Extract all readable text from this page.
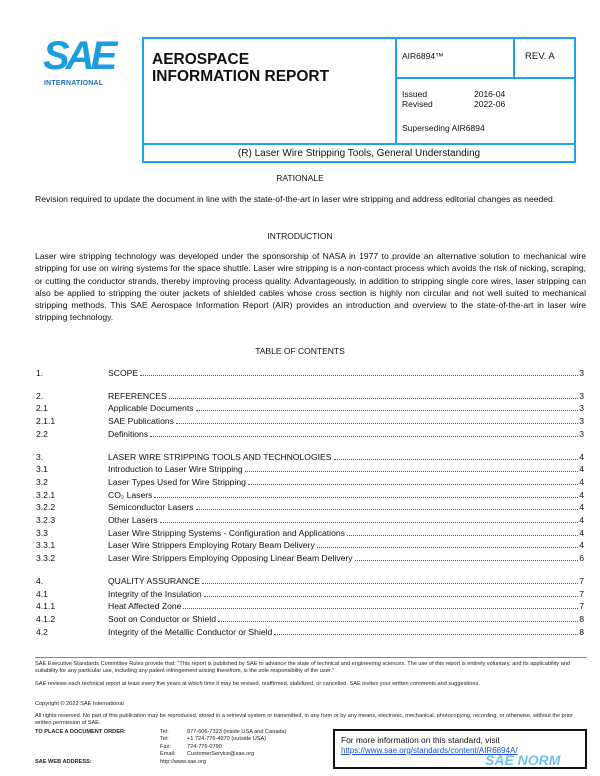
SAE
INTERNATIONAL
AEROSPACE
INFORMATION REPORT
AIR6894™	REV. A
Issued	2016-04
Revised	2022-06
Superseding AIR6894
(R) Laser Wire Stripping Tools, General Understanding
RATIONALE
Revision required to update the document in line with the state-of-the-art in laser wire stripping and address editorial changes as needed.
INTRODUCTION
Laser wire stripping technology was developed under the sponsorship of NASA in 1977 to provide an alternative solution to mechanical wire stripping for use on wiring systems for the space shuttle. Laser wire stripping is a non-contact process which avoids the risk of nicking, scraping, or cutting the conductor strands, thereby improving process quality. Advantageously, in addition to stripping single core wires, laser stripping can also be applied to stripping the outer jackets of shielded cables whose cross section is highly non circular and not well suited to mechanical stripping methods. This SAE Aerospace Information Report (AIR) provides an introduction and overview to the state-of-the-art in laser wire stripping technology.
TABLE OF CONTENTS
1.	SCOPE	3
2.	REFERENCES	3
2.1	Applicable Documents	3
2.1.1	SAE Publications	3
2.2	Definitions	3
3.	LASER WIRE STRIPPING TOOLS AND TECHNOLOGIES	4
3.1	Introduction to Laser Wire Stripping	4
3.2	Laser Types Used for Wire Stripping	4
3.2.1	CO₂ Lasers	4
3.2.2	Semiconductor Lasers	4
3.2.3	Other Lasers	4
3.3	Laser Wire Stripping Systems - Configuration and Applications	4
3.3.1	Laser Wire Strippers Employing Rotary Beam Delivery	4
3.3.2	Laser Wire Strippers Employing Opposing Linear Beam Delivery	6
4.	QUALITY ASSURANCE	7
4.1	Integrity of the Insulation	7
4.1.1	Heat Affected Zone	7
4.1.2	Soot on Conductor or Shield	8
4.2	Integrity of the Metallic Conductor or Shield	8
SAE Executive Standards Committee Rules provide that: "This report is published by SAE to advance the state of technical and engineering sciences. The use of this report is entirely voluntary, and its applicability and suitability for any particular use, including any patent infringement arising therefrom, is the sole responsibility of the user."
SAE reviews each technical report at least every five years at which time it may be revised, reaffirmed, stabilized, or cancelled. SAE invites your written comments and suggestions.
Copyright © 2022 SAE International
All rights reserved. No part of this publication may be reproduced, stored in a retrieval system or transmitted, in any form or by any means, electronic, mechanical, photocopying, recording, or otherwise, without the prior written permission of SAE.
TO PLACE A DOCUMENT ORDER:	Tel:	877-606-7323 (inside USA and Canada)
Tel:	+1 724-776-4970 (outside USA)
Fax:	724-776-0790
Email: CustomerService@sae.org
SAE WEB ADDRESS:	http://www.sae.org
For more information on this standard, visit
https://www.sae.org/standards/content/AIR6894A/
SAE NORM
